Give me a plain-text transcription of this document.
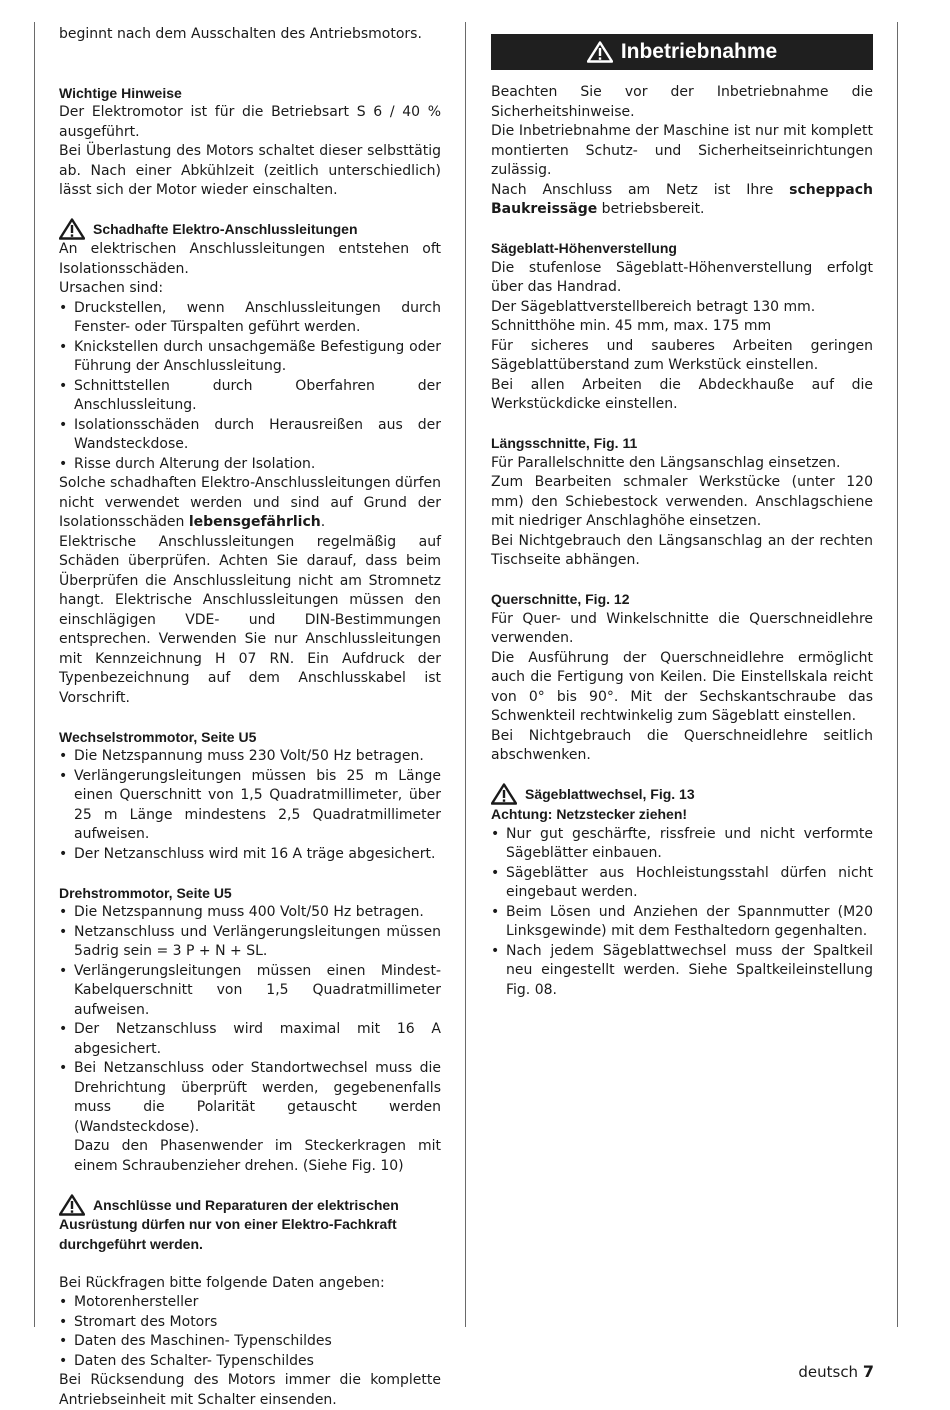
beginnt nach dem Ausschalten des Antriebsmotors.

Wichtige Hinweise

Der Elektromotor ist für die Betriebsart S 6 / 40 % ausgeführt.

Bei Überlastung des Motors schaltet dieser selbsttätig ab. Nach einer Abkühlzeit (zeitlich unterschiedlich) lässt sich der Motor wieder einschalten.

Schadhafte Elektro-Anschlussleitungen

An elektrischen Anschlussleitungen entstehen oft Isolationsschäden.

Ursachen sind:

• Druckstellen, wenn Anschlussleitungen durch Fenster- oder Türspalten geführt werden.
• Knickstellen durch unsachgemäße Befestigung oder Führung der Anschlussleitung.
• Schnittstellen durch Oberfahren der Anschlussleitung.
• Isolationsschäden durch Herausreißen aus der Wandsteckdose.
• Risse durch Alterung der Isolation.

Solche schadhaften Elektro-Anschlussleitungen dürfen nicht verwendet werden und sind auf Grund der Isolationsschäden lebensgefährlich.

Elektrische Anschlussleitungen regelmäßig auf Schäden überprüfen. Achten Sie darauf, dass beim Überprüfen die Anschlussleitung nicht am Stromnetz hangt. Elektrische Anschlussleitungen müssen den einschlägigen VDE- und DIN-Bestimmungen entsprechen. Verwenden Sie nur Anschlussleitungen mit Kennzeichnung H 07 RN. Ein Aufdruck der Typenbezeichnung auf dem Anschlusskabel ist Vorschrift.

Wechselstrommotor, Seite U5

• Die Netzspannung muss 230 Volt/50 Hz betragen.
• Verlängerungsleitungen müssen bis 25 m Länge einen Querschnitt von 1,5 Quadratmillimeter, über 25 m Länge mindestens 2,5 Quadratmillimeter aufweisen.
• Der Netzanschluss wird mit 16 A träge abgesichert.

Drehstrommotor, Seite U5

• Die Netzspannung muss 400 Volt/50 Hz betragen.
• Netzanschluss und Verlängerungsleitungen müssen 5adrig sein = 3 P + N + SL.
• Verlängerungsleitungen müssen einen Mindest-Kabelquerschnitt von 1,5 Quadratmillimeter aufweisen.
• Der Netzanschluss wird maximal mit 16 A abgesichert.
• Bei Netzanschluss oder Standortwechsel muss die Drehrichtung überprüft werden, gegebenenfalls muss die Polarität getauscht werden (Wandsteckdose).
Dazu den Phasenwender im Steckerkragen mit einem Schraubenzieher drehen. (Siehe Fig. 10)
Anschlüsse und Reparaturen der elektrischen Ausrüstung dürfen nur von einer Elektro-Fachkraft durchgeführt werden.

Bei Rückfragen bitte folgende Daten angeben:

• Motorenhersteller
• Stromart des Motors
• Daten des Maschinen- Typenschildes
• Daten des Schalter- Typenschildes

Bei Rücksendung des Motors immer die komplette Antriebseinheit mit Schalter einsenden.

Inbetriebnahme

Beachten Sie vor der Inbetriebnahme die Sicherheitshinweise.

Die Inbetriebnahme der Maschine ist nur mit komplett montierten Schutz- und Sicherheitseinrichtungen zulässig.

Nach Anschluss am Netz ist Ihre scheppach Baukreissäge betriebsbereit.

Sägeblatt-Höhenverstellung

Die stufenlose Sägeblatt-Höhenverstellung erfolgt über das Handrad.

Der Sägeblattverstellbereich betragt 130 mm.

Schnitthöhe min. 45 mm, max. 175 mm

Für sicheres und sauberes Arbeiten geringen Sägeblattüberstand zum Werkstück einstellen.

Bei allen Arbeiten die Abdeckhauße auf die Werkstückdicke einstellen.

Längsschnitte, Fig. 11

Für Parallelschnitte den Längsanschlag einsetzen.

Zum Bearbeiten schmaler Werkstücke (unter 120 mm) den Schiebestock verwenden. Anschlagschiene mit niedriger Anschlaghöhe einsetzen.

Bei Nichtgebrauch den Längsanschlag an der rechten Tischseite abhängen.

Querschnitte, Fig. 12

Für Quer- und Winkelschnitte die Querschneidlehre verwenden.

Die Ausführung der Querschneidlehre ermöglicht auch die Fertigung von Keilen. Die Einstellskala reicht von 0° bis 90°. Mit der Sechskantschraube das Schwenkteil rechtwinkelig zum Sägeblatt einstellen.

Bei Nichtgebrauch die Querschneidlehre seitlich abschwenken.

Sägeblattwechsel, Fig. 13

Achtung: Netzstecker ziehen!

• Nur gut geschärfte, rissfreie und nicht verformte Sägeblätter einbauen.
• Sägeblätter aus Hochleistungsstahl dürfen nicht eingebaut werden.
• Beim Lösen und Anziehen der Spannmutter (M20 Linksgewinde) mit dem Festhaltedorn gegenhalten.
• Nach jedem Sägeblattwechsel muss der Spaltkeil neu eingestellt werden. Siehe Spaltkeileinstellung Fig. 08.
deutsch 7
